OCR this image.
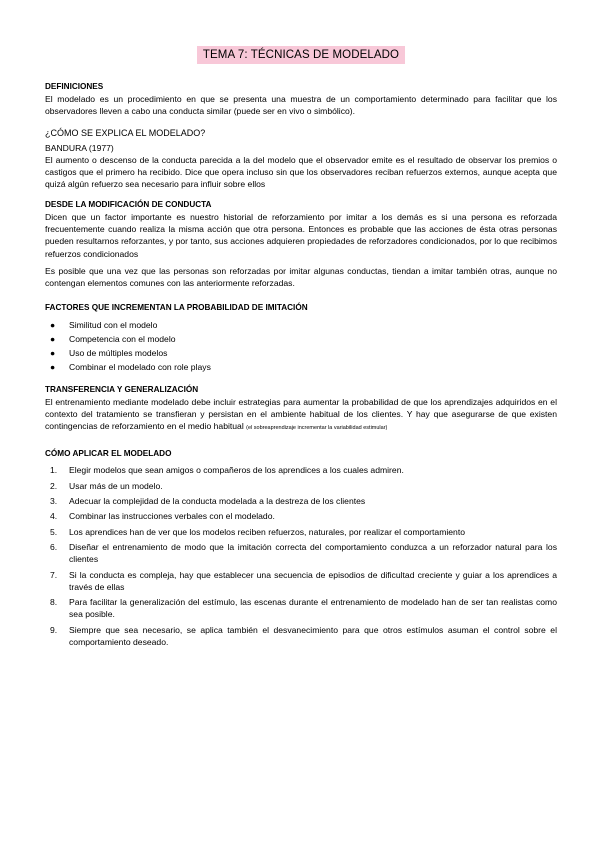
TEMA 7: TÉCNICAS DE MODELADO
DEFINICIONES
El modelado es un procedimiento en que se presenta una muestra de un comportamiento determinado para facilitar que los observadores lleven a cabo una conducta similar (puede ser en vivo o simbólico).
¿CÓMO SE EXPLICA EL MODELADO?
BANDURA (1977)
El aumento o descenso de la conducta parecida a la del modelo que el observador emite es el resultado de observar los premios o castigos que el primero ha recibido. Dice que opera incluso sin que los observadores reciban refuerzos externos, aunque acepta que quizá algún refuerzo sea necesario para influir sobre ellos
DESDE LA MODIFICACIÓN DE CONDUCTA
Dicen que un factor importante es nuestro historial de reforzamiento por imitar a los demás es si una persona es reforzada frecuentemente cuando realiza la misma acción que otra persona. Entonces es probable que las acciones de ésta otras personas pueden resultarnos reforzantes, y por tanto, sus acciones adquieren propiedades de reforzadores condicionados, por lo que recibimos refuerzos condicionados
Es posible que una vez que las personas son reforzadas por imitar algunas conductas, tiendan a imitar también otras, aunque no contengan elementos comunes con las anteriormente reforzadas.
FACTORES QUE INCREMENTAN LA PROBABILIDAD DE IMITACIÓN
● Similitud con el modelo
● Competencia con el modelo
● Uso de múltiples modelos
● Combinar el modelado con role plays
TRANSFERENCIA Y GENERALIZACIÓN
El entrenamiento mediante modelado debe incluir estrategias para aumentar la probabilidad de que los aprendizajes adquiridos en el contexto del tratamiento se transfieran y persistan en el ambiente habitual de los clientes. Y hay que asegurarse de que existen contingencias de reforzamiento en el medio habitual (el sobreaprendizaje incrementar la variabilidad estimular)
CÓMO APLICAR EL MODELADO
1. Elegir modelos que sean amigos o compañeros de los aprendices a los cuales admiren.
2. Usar más de un modelo.
3. Adecuar la complejidad de la conducta modelada a la destreza de los clientes
4. Combinar las instrucciones verbales con el modelado.
5. Los aprendices han de ver que los modelos reciben refuerzos, naturales, por realizar el comportamiento
6. Diseñar el entrenamiento de modo que la imitación correcta del comportamiento conduzca a un reforzador natural para los clientes
7. Si la conducta es compleja, hay que establecer una secuencia de episodios de dificultad creciente y guiar a los aprendices a través de ellas
8. Para facilitar la generalización del estímulo, las escenas durante el entrenamiento de modelado han de ser tan realistas como sea posible.
9. Siempre que sea necesario, se aplica también el desvanecimiento para que otros estímulos asuman el control sobre el comportamiento deseado.
